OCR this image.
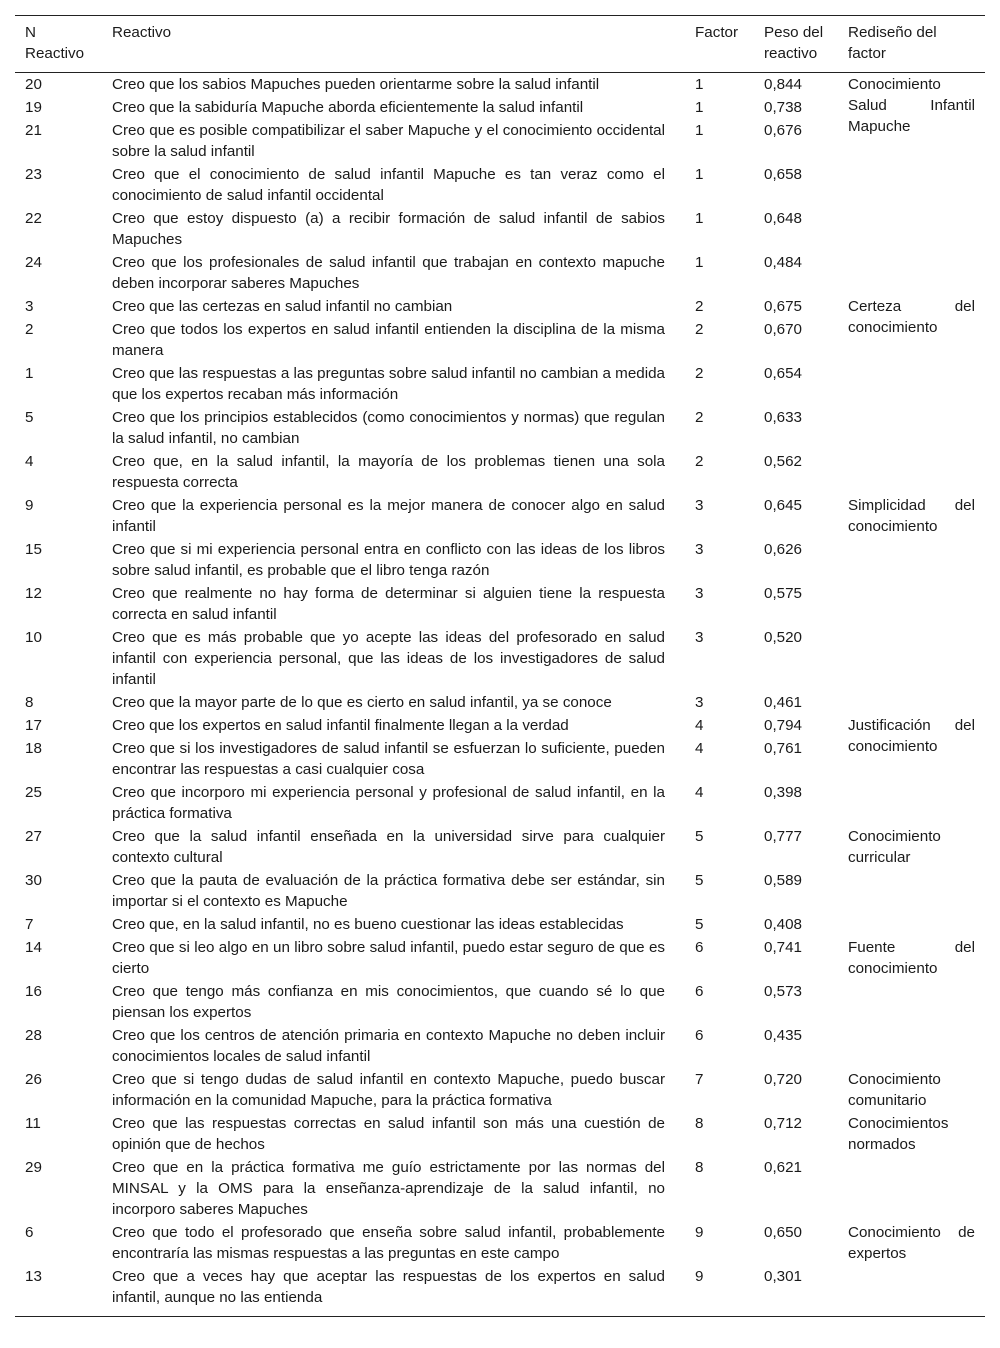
N Reactivo	Reactivo	Factor	Peso del reactivo	Rediseño del factor
20	Creo que los sabios Mapuches pueden orientarme sobre la salud infantil	1	0,844	Conocimiento Salud Infantil Mapuche
19	Creo que la sabiduría Mapuche aborda eficientemente la salud infantil	1	0,738	
21	Creo que es posible compatibilizar el saber Mapuche y el conocimiento occidental sobre la salud infantil	1	0,676	
23	Creo que el conocimiento de salud infantil Mapuche es tan veraz como el conocimiento de salud infantil occidental	1	0,658	
22	Creo que estoy dispuesto (a) a recibir formación de salud infantil de sabios Mapuches	1	0,648	
24	Creo que los profesionales de salud infantil que trabajan en contexto mapuche deben incorporar saberes Mapuches	1	0,484	
3	Creo que las certezas en salud infantil no cambian	2	0,675	Certeza del conocimiento
2	Creo que todos los expertos en salud infantil entienden la disciplina de la misma manera	2	0,670	
1	Creo que las respuestas a las preguntas sobre salud infantil no cambian a medida que los expertos recaban más información	2	0,654	
5	Creo que los principios establecidos (como conocimientos y normas) que regulan la salud infantil, no cambian	2	0,633	
4	Creo que, en la salud infantil, la mayoría de los problemas tienen una sola respuesta correcta	2	0,562	
9	Creo que la experiencia personal es la mejor manera de conocer algo en salud infantil	3	0,645	Simplicidad del conocimiento
15	Creo que si mi experiencia personal entra en conflicto con las ideas de los libros sobre salud infantil, es probable que el libro tenga razón	3	0,626	
12	Creo que realmente no hay forma de determinar si alguien tiene la respuesta correcta en salud infantil	3	0,575	
10	Creo que es más probable que yo acepte las ideas del profesorado en salud infantil con experiencia personal, que las ideas de los investigadores de salud infantil	3	0,520	
8	Creo que la mayor parte de lo que es cierto en salud infantil, ya se conoce	3	0,461	
17	Creo que los expertos en salud infantil finalmente llegan a la verdad	4	0,794	Justificación del conocimiento
18	Creo que si los investigadores de salud infantil se esfuerzan lo suficiente, pueden encontrar las respuestas a casi cualquier cosa	4	0,761	
25	Creo que incorporo mi experiencia personal y profesional de salud infantil, en la práctica formativa	4	0,398	
27	Creo que la salud infantil enseñada en la universidad sirve para cualquier contexto cultural	5	0,777	Conocimiento curricular
30	Creo que la pauta de evaluación de la práctica formativa debe ser estándar, sin importar si el contexto es Mapuche	5	0,589	
7	Creo que, en la salud infantil, no es bueno cuestionar las ideas establecidas	5	0,408	
14	Creo que si leo algo en un libro sobre salud infantil, puedo estar seguro de que es cierto	6	0,741	Fuente del conocimiento
16	Creo que tengo más confianza en mis conocimientos, que cuando sé lo que piensan los expertos	6	0,573	
28	Creo que los centros de atención primaria en contexto Mapuche no deben incluir conocimientos locales de salud infantil	6	0,435	
26	Creo que si tengo dudas de salud infantil en contexto Mapuche, puedo buscar información en la comunidad Mapuche, para la práctica formativa	7	0,720	Conocimiento comunitario
11	Creo que las respuestas correctas en salud infantil son más una cuestión de opinión que de hechos	8	0,712	Conocimientos normados
29	Creo que en la práctica formativa me guío estrictamente por las normas del MINSAL y la OMS para la enseñanza-aprendizaje de la salud infantil, no incorporo saberes Mapuches	8	0,621	
6	Creo que todo el profesorado que enseña sobre salud infantil, probablemente encontraría las mismas respuestas a las preguntas en este campo	9	0,650	Conocimiento de expertos
13	Creo que a veces hay que aceptar las respuestas de los expertos en salud infantil, aunque no las entienda	9	0,301	
